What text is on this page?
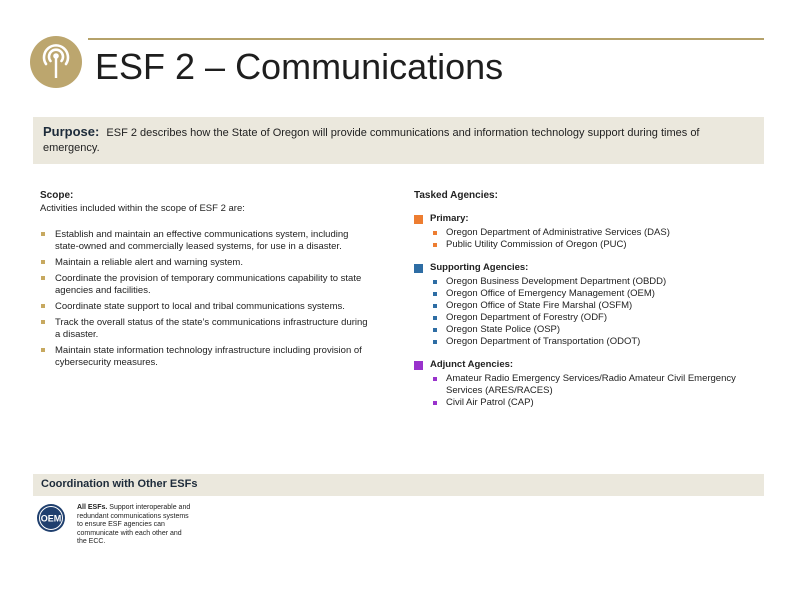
ESF 2 – Communications
Purpose: ESF 2 describes how the State of Oregon will provide communications and information technology support during times of emergency.
Scope:
Activities included within the scope of ESF 2 are:
Establish and maintain an effective communications system, including state-owned and commercially leased systems, for use in a disaster.
Maintain a reliable alert and warning system.
Coordinate the provision of temporary communications capability to state agencies and facilities.
Coordinate state support to local and tribal communications systems.
Track the overall status of the state’s communications infrastructure during a disaster.
Maintain state information technology infrastructure including provision of cybersecurity measures.
Tasked Agencies:
Primary:
Oregon Department of Administrative Services (DAS)
Public Utility Commission of Oregon (PUC)
Supporting Agencies:
Oregon Business Development Department (OBDD)
Oregon Office of Emergency Management (OEM)
Oregon Office of State Fire Marshal (OSFM)
Oregon Department of Forestry (ODF)
Oregon State Police (OSP)
Oregon Department of Transportation (ODOT)
Adjunct Agencies:
Amateur Radio Emergency Services/Radio Amateur Civil Emergency Services (ARES/RACES)
Civil Air Patrol (CAP)
Coordination with Other ESFs
OEM
All ESFs. Support interoperable and redundant communications systems to ensure ESF agencies can communicate with each other and the ECC.
